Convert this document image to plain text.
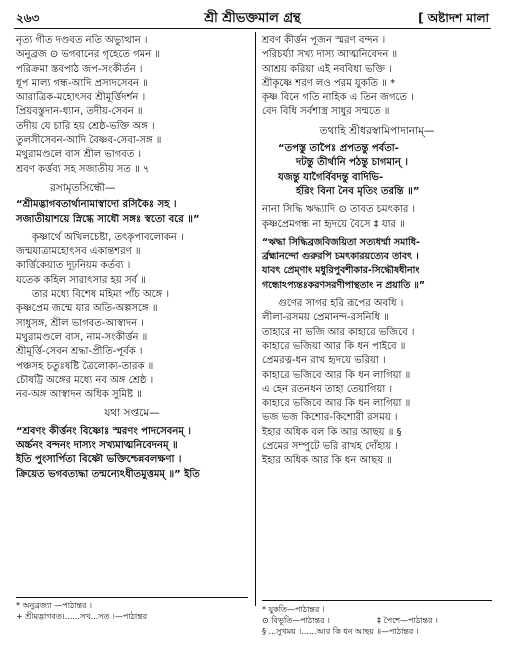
২৬৩	শ্রী শ্রীভক্তমাল গ্রন্থ	[ অষ্টাদশ মালা
নৃত্য গীত দণ্ডবত নতি অভ্যুত্থান ।
অনুব্রজ ⊙ ভগবানের গৃহেতে গমন ॥
পরিক্রমা স্তবপাঠ জপ-সংকীর্তন ।
ধূপ মাল্য গন্ধ-আদি প্রসাদসেবন ॥
আরাত্রিক-মহোৎসব শ্রীমূর্ত্তিদর্শন ।
প্রিয়বস্তুদান-ধ্যান, তদীয়-সেবন ॥
তদীয় যে চারি হয় শ্রেষ্ঠ-ভক্তি অঙ্গ ।
তুলসীসেবন-আদি বৈষ্ণব-সেবা-সঙ্গ ॥
মথুরামণ্ডলে বাস শ্রীল ভাগবত ।
শ্রবণ কর্ত্তব্য সহ সজাতীয় সত ॥ ৭
রসামৃতসিন্ধৌ—
“শ্রীমদ্ভাগবতার্থানামাস্বাদো রসিকৈঃ সহ ।
সজাতীয়াশয়ে স্নিগ্ধে সাধৌ সঙ্গঃ স্বতো বরে ॥”
কৃষ্ণার্থে অখিলচেষ্টা, তৎকৃপাবলোকন ।
জন্মযাত্রামহোৎসব একান্তশরণ ॥
কার্ত্তিকেয়াত দূঢ়নিয়ম কর্তব্য ।
যতেক কহিল সারাৎসার হয় সর্ব ॥
তার মধ্যে বিশেষ মহিমা পাঁচ অঙ্গে ।
কৃষ্ণপ্রেম জন্মে যার অতি-অল্পসঙ্গে ॥
সাধুসঙ্গ, শ্রীল ভাগবত-আস্বাদন ।
মথুরামণ্ডলে বাস, নাম-সংকীর্ত্তন ॥
শ্রীমূর্ত্তি-সেবন শ্রদ্ধা-প্রীতি-পূর্বক ।
পঞ্চসহ চতুঃষষ্টি ত্রৈলোক্য-তারক ॥
চৌষট্টি অঙ্গের মধ্যে নব অঙ্গ শ্রেষ্ঠ ।
নব-অঙ্গ আস্বাদন অধিক সুমিষ্ট ॥
যথা সপ্তমে—
“শ্রবণং কীর্ত্তনং বিষ্ণোঃ স্মরণং পাদসেবনম্ ।
অর্চ্চনং বন্দনং দাস্যং সখ্যমাত্মনিবেদনম্ ॥
ইতি পুংসার্পিতা বিষ্ণৌ ভক্তিশ্চেন্নবলক্ষণা ।
ক্রিয়েত ভগবত্যদ্ধা তন্মন্যেঽধীতমুত্তমম্ ॥” ইতি
* অনুব্রজ্যা —পাঠান্তর ।
+ শ্রীমদ্ভাগবত।......সখ...সত ।—পাঠান্তর
শ্রবণ কীর্ত্তন পূজন স্মরণ বন্দন ।
পরিচর্য্যা সখ্য দাস্য আত্মনিবেদন ॥
আশ্রয় করিয়া এই নববিধা ভক্তি ।
শ্রীকৃষ্ণে শরণ লও পরম যুকতি ॥ *
কৃষ্ণ বিনে গতি নাহিক এ তিন জগতে ।
বেদ বিধি সর্বশাস্ত্র সাধুর সম্মতে ॥
তথাহি শ্রীধরস্বামিপাদানাম্—
“তপস্তু তাপৈঃ প্রপতন্তু পর্বতা-
দটন্তু তীর্থানি পঠন্তু চাগমান্ ।
যজন্তু যাগৈর্বিবদন্তু বাদিভি-
র্হরিং বিনা নৈব মৃতিং তরন্তি ॥”
নানা সিদ্ধি ঋদ্ধ্যাদি ⊙ তাবত চমৎকার ।
কৃষ্ণপ্রেমগন্ধ না হৃদয়ে বৈসে ‡ যার ॥
“ঋদ্ধা সিদ্ধিব্রজবিজয়িতা সত্যধর্ম্মা সমাধি-
র্ব্রহ্মানন্দো গুরুরপি চমৎকারয়ত্যেব তাবৎ ।
যাবৎ প্রেম্ণাং মধুরিপুবশীকার-সিদ্ধৌষধীনাং
গন্ধোঽপ্যন্তঃকরণসরণীপান্থতাং ন প্রয়াতি ॥”
গুণের সাগর হরি রূপের অবধি ।
লীলা-রসময় প্রেমানন্দ-রসনিধি ॥
তাহারে না ভজি আর কাহারে ভজিবে ।
কাহারে ভজিয়া আর কি ধন পাইবে ॥
প্রেমরত্ন-ধন রাখ হৃদয়ে ভরিয়া ।
কাহারে ভজিবে আর কি ধন লাগিয়া ॥
এ হেন রতনধন তাহা তেয়াগিয়া ।
কাহারে ভজিবে আর কি ধন লাগিয়া ॥
ভজ ভজ কিশোর-কিশোরী রসময় ।
ইহার অধিক বল কি আর আছয় ॥ §
প্রেমের সম্পুটে ভরি রাখহ দোঁহায় ।
ইহার অধিক আর কি ধন আছয় ॥
* যুকতি—পাঠান্তর ।
⊙ বিভূতি—পাঠান্তর ।	‡ পৈশে—পাঠান্তর ।
§ ...সুখময় ।......আর কি ধন আছয় ॥—পাঠান্তর ।
